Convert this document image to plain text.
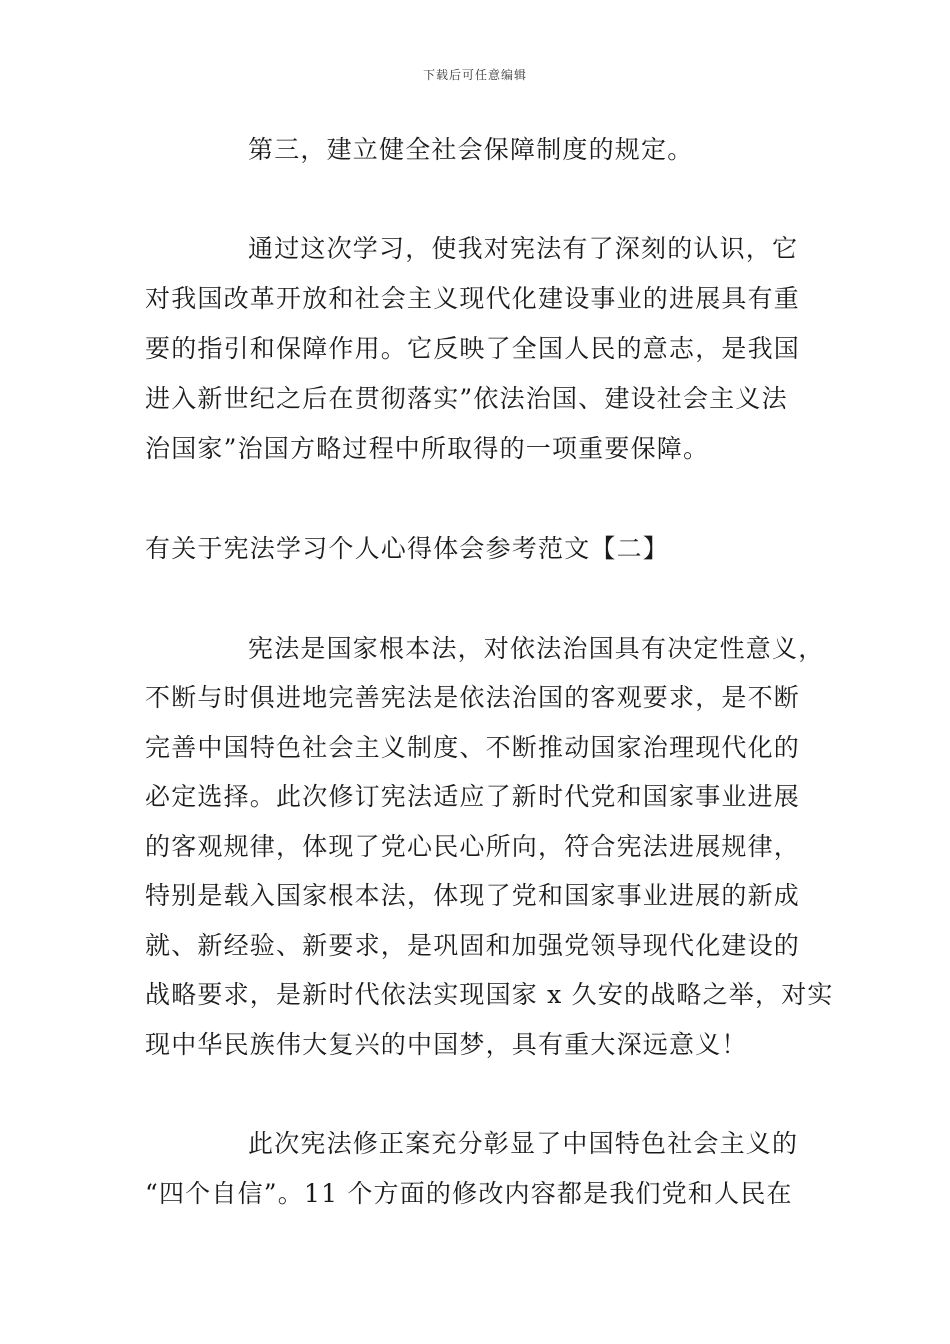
下载后可任意编辑
第三，建立健全社会保障制度的规定。
通过这次学习，使我对宪法有了深刻的认识，它
对我国改革开放和社会主义现代化建设事业的进展具有重
要的指引和保障作用。它反映了全国人民的意志，是我国
进入新世纪之后在贯彻落实”依法治国、建设社会主义法
治国家”治国方略过程中所取得的一项重要保障。
有关于宪法学习个人心得体会参考范文【二】
宪法是国家根本法，对依法治国具有决定性意义，
不断与时俱进地完善宪法是依法治国的客观要求，是不断
完善中国特色社会主义制度、不断推动国家治理现代化的
必定选择。此次修订宪法适应了新时代党和国家事业进展
的客观规律，体现了党心民心所向，符合宪法进展规律，
特别是载入国家根本法，体现了党和国家事业进展的新成
就、新经验、新要求，是巩固和加强党领导现代化建设的
战略要求，是新时代依法实现国家 x 久安的战略之举，对实
现中华民族伟大复兴的中国梦，具有重大深远意义！
此次宪法修正案充分彰显了中国特色社会主义的
“四个自信”。11 个方面的修改内容都是我们党和人民在
